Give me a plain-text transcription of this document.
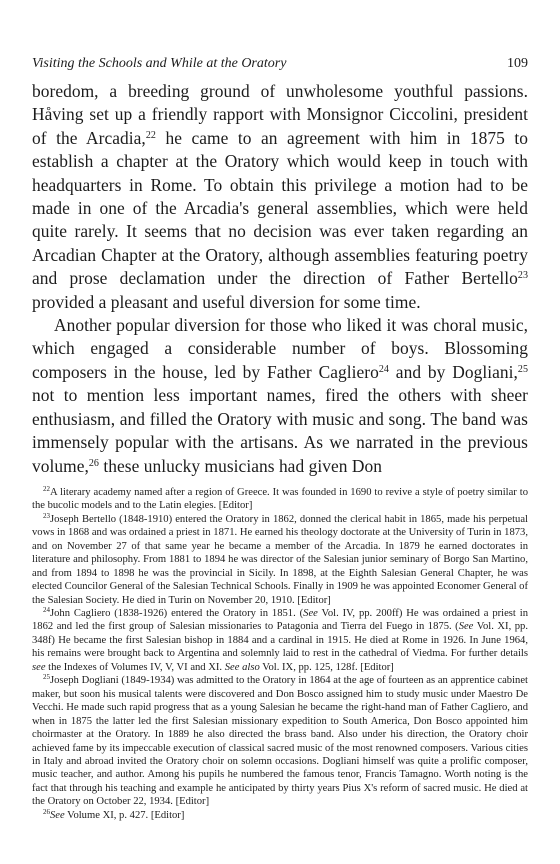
Visiting the Schools and While at the Oratory	109

boredom, a breeding ground of unwholesome youthful passions. Håving set up a friendly rapport with Monsignor Ciccolini, president of the Arcadia,$^{22}$ he came to an agreement with him in 1875 to establish a chapter at the Oratory which would keep in touch with headquarters in Rome. To obtain this privilege a motion had to be made in one of the Arcadia's general assemblies, which were held quite rarely. It seems that no decision was ever taken regarding an Arcadian Chapter at the Oratory, although assemblies featuring poetry and prose declamation under the direction of Father Bertello$^{23}$ provided a pleasant and useful diversion for some time.

Another popular diversion for those who liked it was choral music, which engaged a considerable number of boys. Blossoming composers in the house, led by Father Cagliero$^{24}$ and by Dogliani,$^{25}$ not to mention less important names, fired the others with sheer enthusiasm, and filled the Oratory with music and song. The band was immensely popular with the artisans. As we narrated in the previous volume,$^{26}$ these unlucky musicians had given Don

$^{22}$A literary academy named after a region of Greece. It was founded in 1690 to revive a style of poetry similar to the bucolic models and to the Latin elegies. [Editor]

$^{23}$Joseph Bertello (1848-1910) entered the Oratory in 1862, donned the clerical habit in 1865, made his perpetual vows in 1868 and was ordained a priest in 1871. He earned his theology doctorate at the University of Turin in 1873, and on November 27 of that same year he became a member of the Arcadia. In 1879 he earned doctorates in literature and philosophy. From 1881 to 1894 he was director of the Salesian junior seminary of Borgo San Martino, and from 1894 to 1898 he was the provincial in Sicily. In 1898, at the Eighth Salesian General Chapter, he was elected Councilor General of the Salesian Technical Schools. Finally in 1909 he was appointed Economer General of the Salesian Society. He died in Turin on November 20, 1910. [Editor]

$^{24}$John Cagliero (1838-1926) entered the Oratory in 1851. (See Vol. IV, pp. 200ff) He was ordained a priest in 1862 and led the first group of Salesian missionaries to Patagonia and Tierra del Fuego in 1875. (See Vol. XI, pp. 348f) He became the first Salesian bishop in 1884 and a cardinal in 1915. He died at Rome in 1926. In June 1964, his remains were brought back to Argentina and solemnly laid to rest in the cathedral of Viedma. For further details see the Indexes of Volumes IV, V, VI and XI. See also Vol. IX, pp. 125, 128f. [Editor]

$^{25}$Joseph Dogliani (1849-1934) was admitted to the Oratory in 1864 at the age of fourteen as an apprentice cabinet maker, but soon his musical talents were discovered and Don Bosco assigned him to study music under Maestro De Vecchi. He made such rapid progress that as a young Salesian he became the right-hand man of Father Cagliero, and when in 1875 the latter led the first Salesian missionary expedition to South America, Don Bosco appointed him choirmaster at the Oratory. In 1889 he also directed the brass band. Also under his direction, the Oratory choir achieved fame by its impeccable execution of classical sacred music of the most renowned composers. Various cities in Italy and abroad invited the Oratory choir on solemn occasions. Dogliani himself was quite a prolific composer, music teacher, and author. Among his pupils he numbered the famous tenor, Francis Tamagno. Worth noting is the fact that through his teaching and example he anticipated by thirty years Pius X's reform of sacred music. He died at the Oratory on October 22, 1934. [Editor]

$^{26}$See Volume XI, p. 427. [Editor]
